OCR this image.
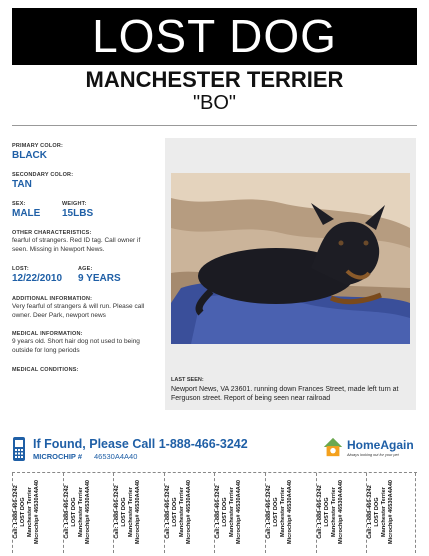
LOST DOG
MANCHESTER TERRIER
"BO"
PRIMARY COLOR:
BLACK
SECONDARY COLOR:
TAN
SEX:
MALE
WEIGHT:
15LBS
OTHER CHARACTERISTICS:
fearful of strangers. Red ID tag. Call owner if seen. Missing in Newport News.
LOST:
12/22/2010
AGE:
9 YEARS
ADDITIONAL INFORMATION:
Very fearful of strangers & will run. Please call owner. Deer Park, newport news
MEDICAL INFORMATION:
9 years old. Short hair dog not used to being outside for long periods
MEDICAL CONDITIONS:
LAST SEEN:
Newport News, VA 23601. running down Frances Street, made left turn at Ferguson street. Report of being seen near railroad
If Found, Please Call 1-888-466-3242
MICROCHIP # 46530A4A40
HomeAgain
Always looking out for your pet
Call: 1-888-466-3242 LOST DOG Manchester Terrier Microchip# 46530A4A40	Call: 1-888-466-3242 LOST DOG Manchester Terrier Microchip# 46530A4A40	Call: 1-888-466-3242 LOST DOG Manchester Terrier Microchip# 46530A4A40	Call: 1-888-466-3242 LOST DOG Manchester Terrier Microchip# 46530A4A40	Call: 1-888-466-3242 LOST DOG Manchester Terrier Microchip# 46530A4A40	Call: 1-888-466-3242 LOST DOG Manchester Terrier Microchip# 46530A4A40	Call: 1-888-466-3242 LOST DOG Manchester Terrier Microchip# 46530A4A40	Call: 1-888-466-3242 LOST DOG Manchester Terrier Microchip# 46530A4A40
